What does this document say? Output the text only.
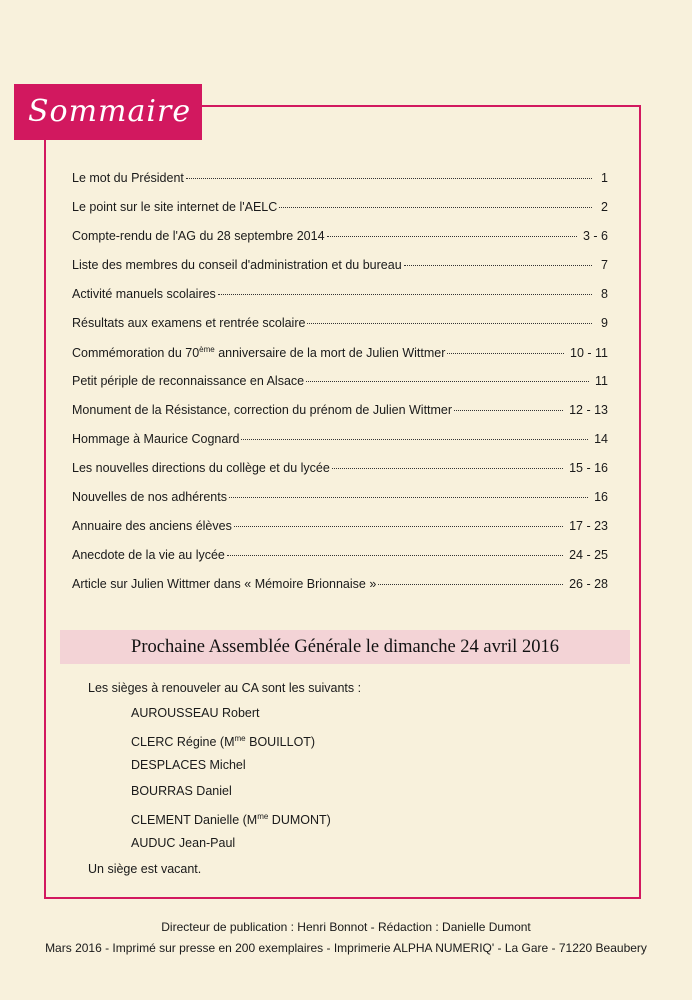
Sommaire
Le mot du Président	1
Le point sur le site internet de l'AELC	2
Compte-rendu de l'AG du 28 septembre 2014	3 - 6
Liste des membres du conseil d'administration et du bureau	7
Activité manuels scolaires	8
Résultats aux examens et rentrée scolaire	9
Commémoration du 70ème anniversaire de la mort de Julien Wittmer	10 - 11
Petit périple de reconnaissance en Alsace	11
Monument de la Résistance, correction du prénom de Julien Wittmer	12 - 13
Hommage à Maurice Cognard	14
Les nouvelles directions du collège et du lycée	15 - 16
Nouvelles de nos adhérents	16
Annuaire des anciens élèves	17 - 23
Anecdote de la vie au lycée	24 - 25
Article sur Julien Wittmer dans « Mémoire Brionnaise »	26 - 28
Prochaine Assemblée Générale le dimanche 24 avril 2016
Les sièges à renouveler au CA sont les suivants :
AUROUSSEAU Robert
CLERC Régine ($M^{me}$ BOUILLOT)
DESPLACES Michel
BOURRAS Daniel
CLEMENT Danielle ($M^{me}$ DUMONT)
AUDUC Jean-Paul
Un siège est vacant.
Directeur de publication : Henri Bonnot - Rédaction : Danielle Dumont
Mars 2016 - Imprimé sur presse en 200 exemplaires - Imprimerie ALPHA NUMERIQ' - La Gare - 71220 Beaubery
